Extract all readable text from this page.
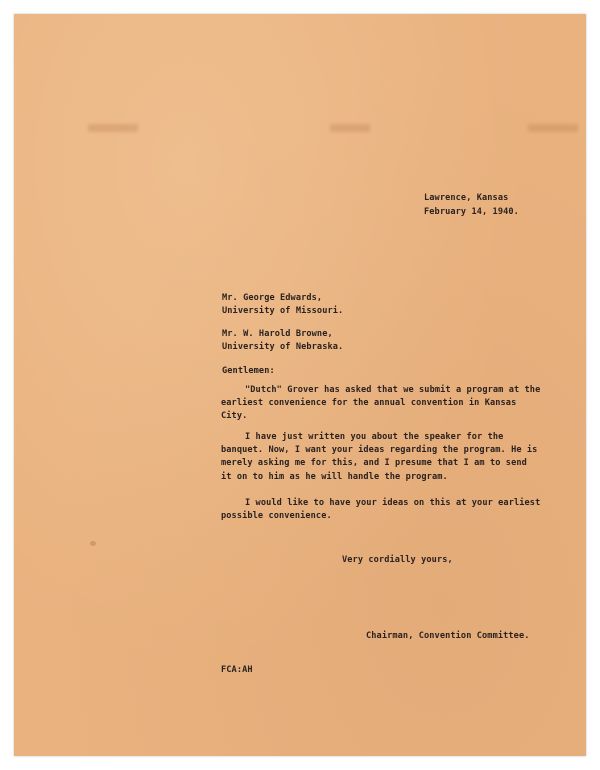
Lawrence, Kansas
February 14, 1940.
Mr. George Edwards,
University of Missouri.
Mr. W. Harold Browne,
University of Nebraska.
Gentlemen:

"Dutch" Grover has asked that we submit a program at the earliest convenience for the annual convention in Kansas City.

I have just written you about the speaker for the banquet. Now, I want your ideas regarding the program. He is merely asking me for this, and I presume that I am to send it on to him as he will handle the program.

I would like to have your ideas on this at your earliest possible convenience.

Very cordially yours,
Chairman, Convention Committee.
FCA:AH
